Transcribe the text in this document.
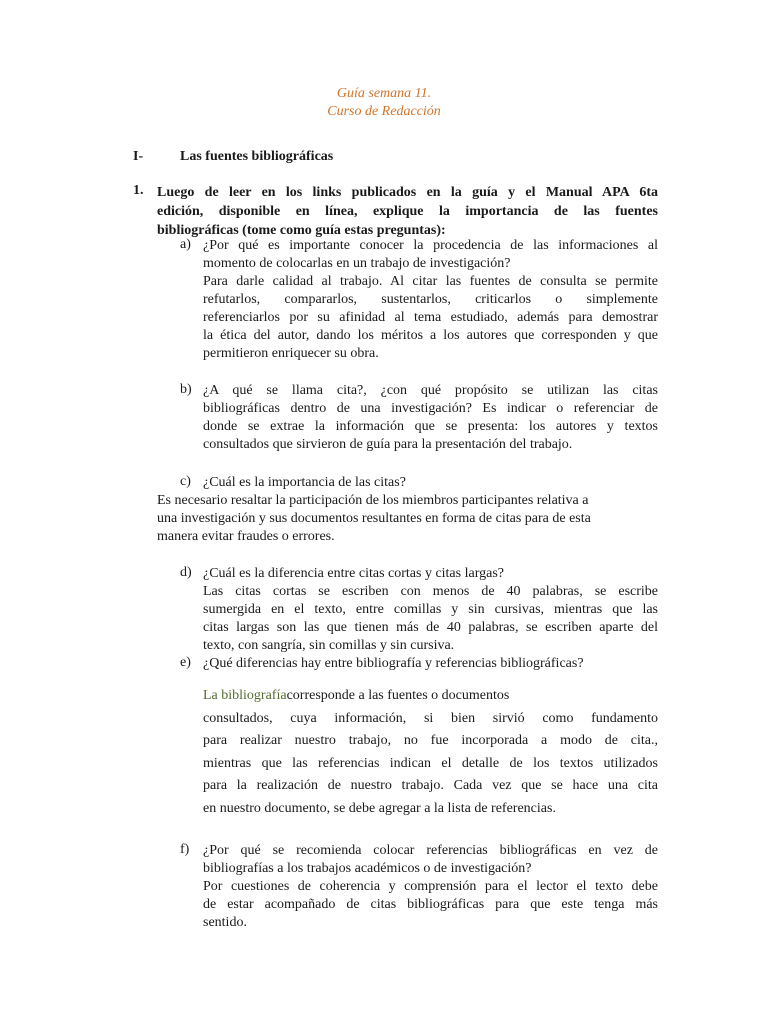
Guía semana 11.
Curso de Redacción
I-	Las fuentes bibliográficas
1. Luego de leer en los links publicados en la guía y el Manual APA 6ta
edición, disponible en línea, explique la importancia de las fuentes
bibliográficas (tome como guía estas preguntas):
a) ¿Por qué es importante conocer la procedencia de las informaciones al
momento de colocarlas en un trabajo de investigación?
Para darle calidad al trabajo. Al citar las fuentes de consulta se permite
refutarlos, compararlos, sustentarlos, criticarlos o simplemente
referenciarlos por su afinidad al tema estudiado, además para demostrar
la ética del autor, dando los méritos a los autores que corresponden y que
permitieron enriquecer su obra.
b) ¿A qué se llama cita?, ¿con qué propósito se utilizan las citas
bibliográficas dentro de una investigación? Es indicar o referenciar de
donde se extrae la información que se presenta: los autores y textos
consultados que sirvieron de guía para la presentación del trabajo.
c) ¿Cuál es la importancia de las citas?
Es necesario resaltar la participación de los miembros participantes relativa a
una investigación y sus documentos resultantes en forma de citas para de esta
manera evitar fraudes o errores.
d) ¿Cuál es la diferencia entre citas cortas y citas largas?
Las citas cortas se escriben con menos de 40 palabras, se escribe
sumergida en el texto, entre comillas y sin cursivas, mientras que las
citas largas son las que tienen más de 40 palabras, se escriben aparte del
texto, con sangría, sin comillas y sin cursiva.
e) ¿Qué diferencias hay entre bibliografía y referencias bibliográficas?
La bibliografía corresponde a las fuentes o documentos
consultados, cuya información, si bien sirvió como fundamento
para realizar nuestro trabajo, no fue incorporada a modo de cita.,
mientras que las referencias indican el detalle de los textos utilizados
para la realización de nuestro trabajo. Cada vez que se hace una cita
en nuestro documento, se debe agregar a la lista de referencias.
f) ¿Por qué se recomienda colocar referencias bibliográficas en vez de
bibliografías a los trabajos académicos o de investigación?
Por cuestiones de coherencia y comprensión para el lector el texto debe
de estar acompañado de citas bibliográficas para que este tenga más
sentido.
